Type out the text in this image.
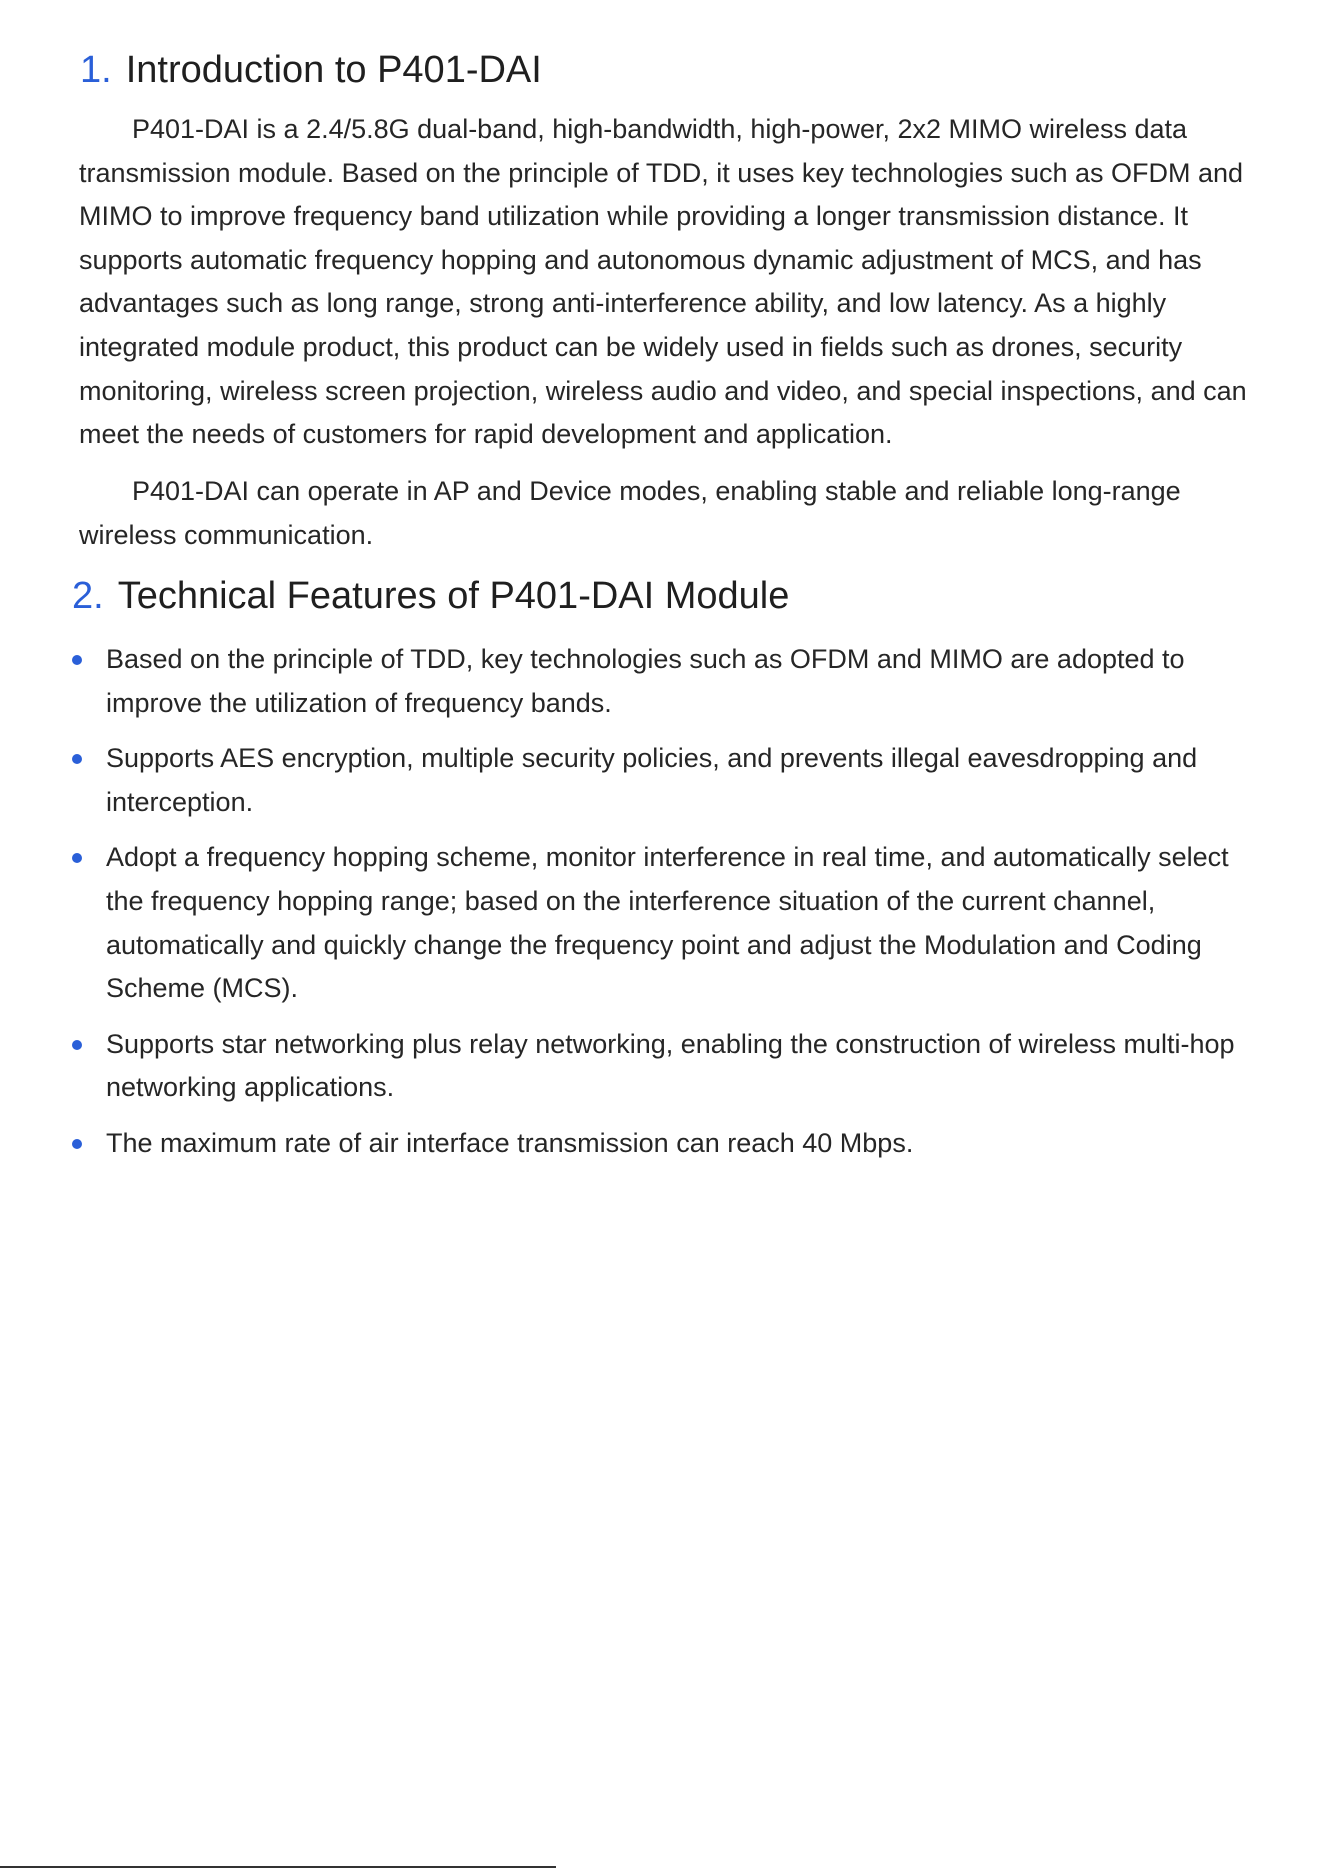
1. Introduction to P401-DAI

P401-DAI is a 2.4/5.8G dual-band, high-bandwidth, high-power, 2x2 MIMO wireless data transmission module. Based on the principle of TDD, it uses key technologies such as OFDM and MIMO to improve frequency band utilization while providing a longer transmission distance. It supports automatic frequency hopping and autonomous dynamic adjustment of MCS, and has advantages such as long range, strong anti-interference ability, and low latency. As a highly integrated module product, this product can be widely used in fields such as drones, security monitoring, wireless screen projection, wireless audio and video, and special inspections, and can meet the needs of customers for rapid development and application.

P401-DAI can operate in AP and Device modes, enabling stable and reliable long-range wireless communication.

2. Technical Features of P401-DAI Module
Based on the principle of TDD, key technologies such as OFDM and MIMO are adopted to improve the utilization of frequency bands.
Supports AES encryption, multiple security policies, and prevents illegal eavesdropping and interception.
Adopt a frequency hopping scheme, monitor interference in real time, and automatically select the frequency hopping range; based on the interference situation of the current channel, automatically and quickly change the frequency point and adjust the Modulation and Coding Scheme (MCS).
Supports star networking plus relay networking, enabling the construction of wireless multi-hop networking applications.
The maximum rate of air interface transmission can reach 40 Mbps.
